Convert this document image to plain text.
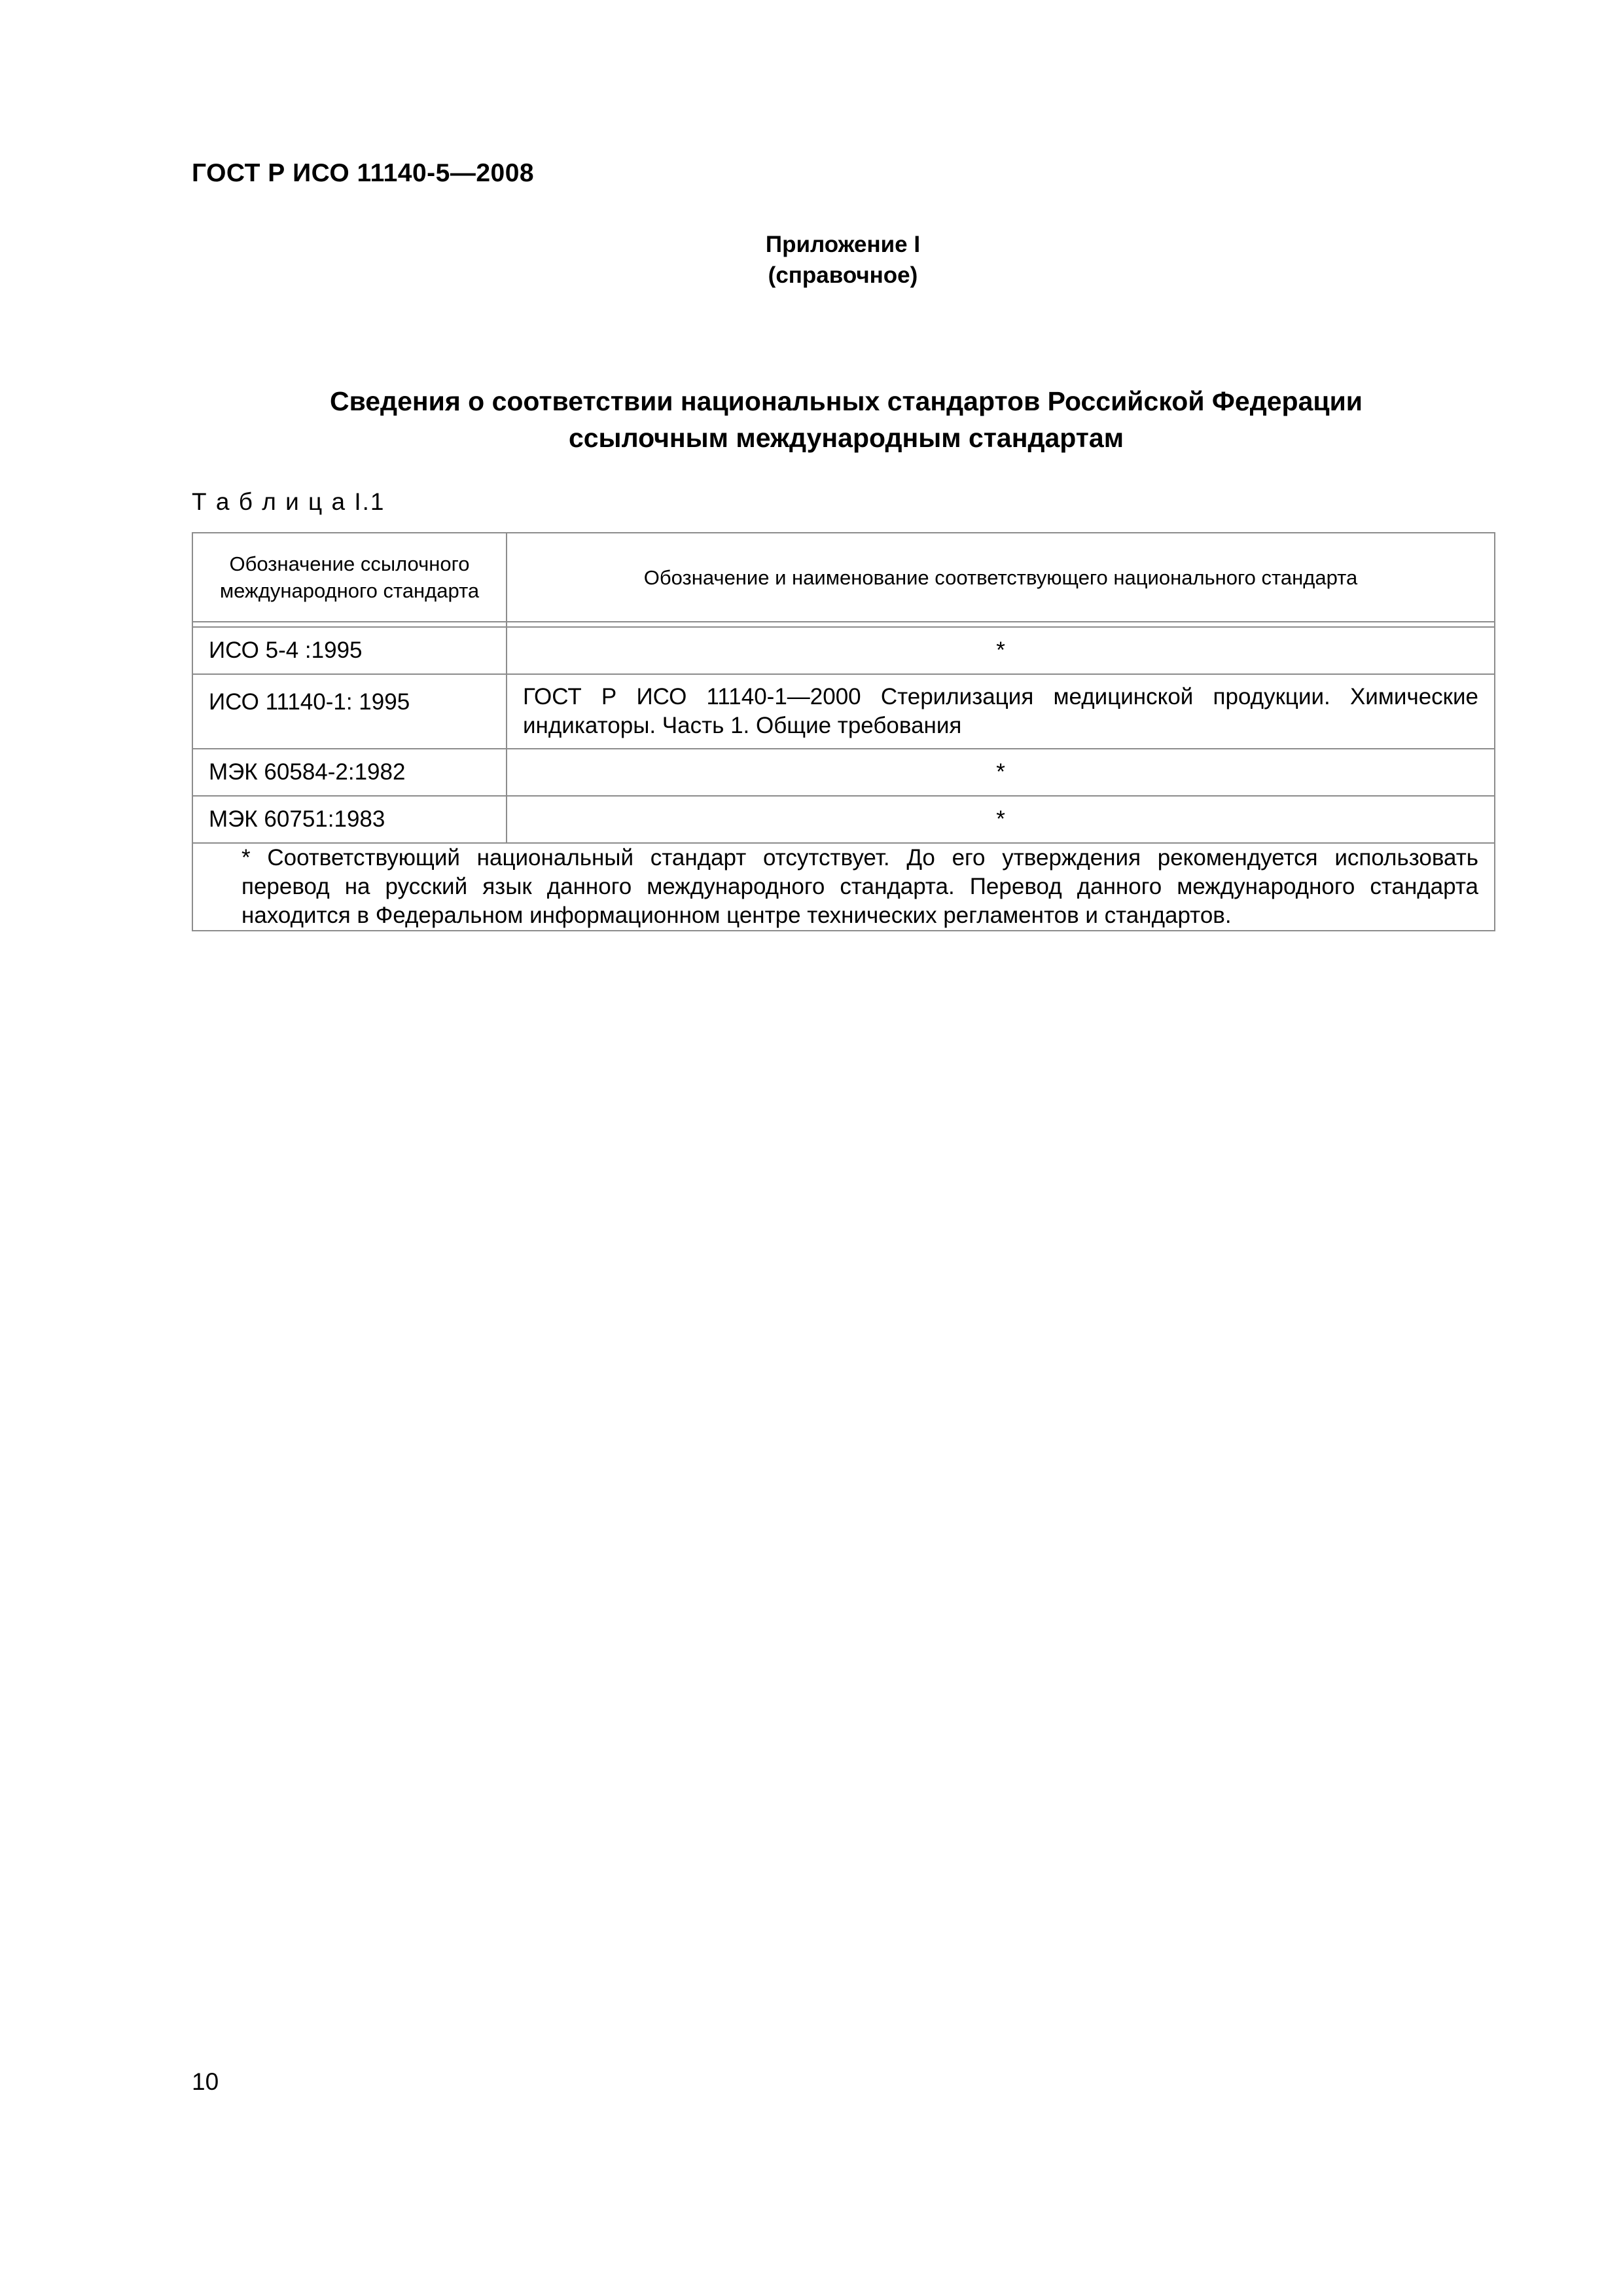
ГОСТ Р ИСО 11140-5—2008
Приложение I
(справочное)
Сведения о соответствии национальных стандартов Российской Федерации
ссылочным международным стандартам
Т а б л и ц а I.1
Обозначение ссылочного
международного стандарта	Обозначение и наименование соответствующего национального стандарта

ИСО 5-4 :1995	*
ИСО 11140-1: 1995	ГОСТ Р ИСО 11140-1—2000 Стерилизация медицинской продукции. Химические индикаторы. Часть 1. Общие требования
МЭК 60584-2:1982	*
МЭК 60751:1983	*

* Соответствующий национальный стандарт отсутствует. До его утверждения рекомендуется использовать перевод на русский язык данного международного стандарта. Перевод данного международного стандарта находится в Федеральном информационном центре технических регламентов и стандартов.	
10
